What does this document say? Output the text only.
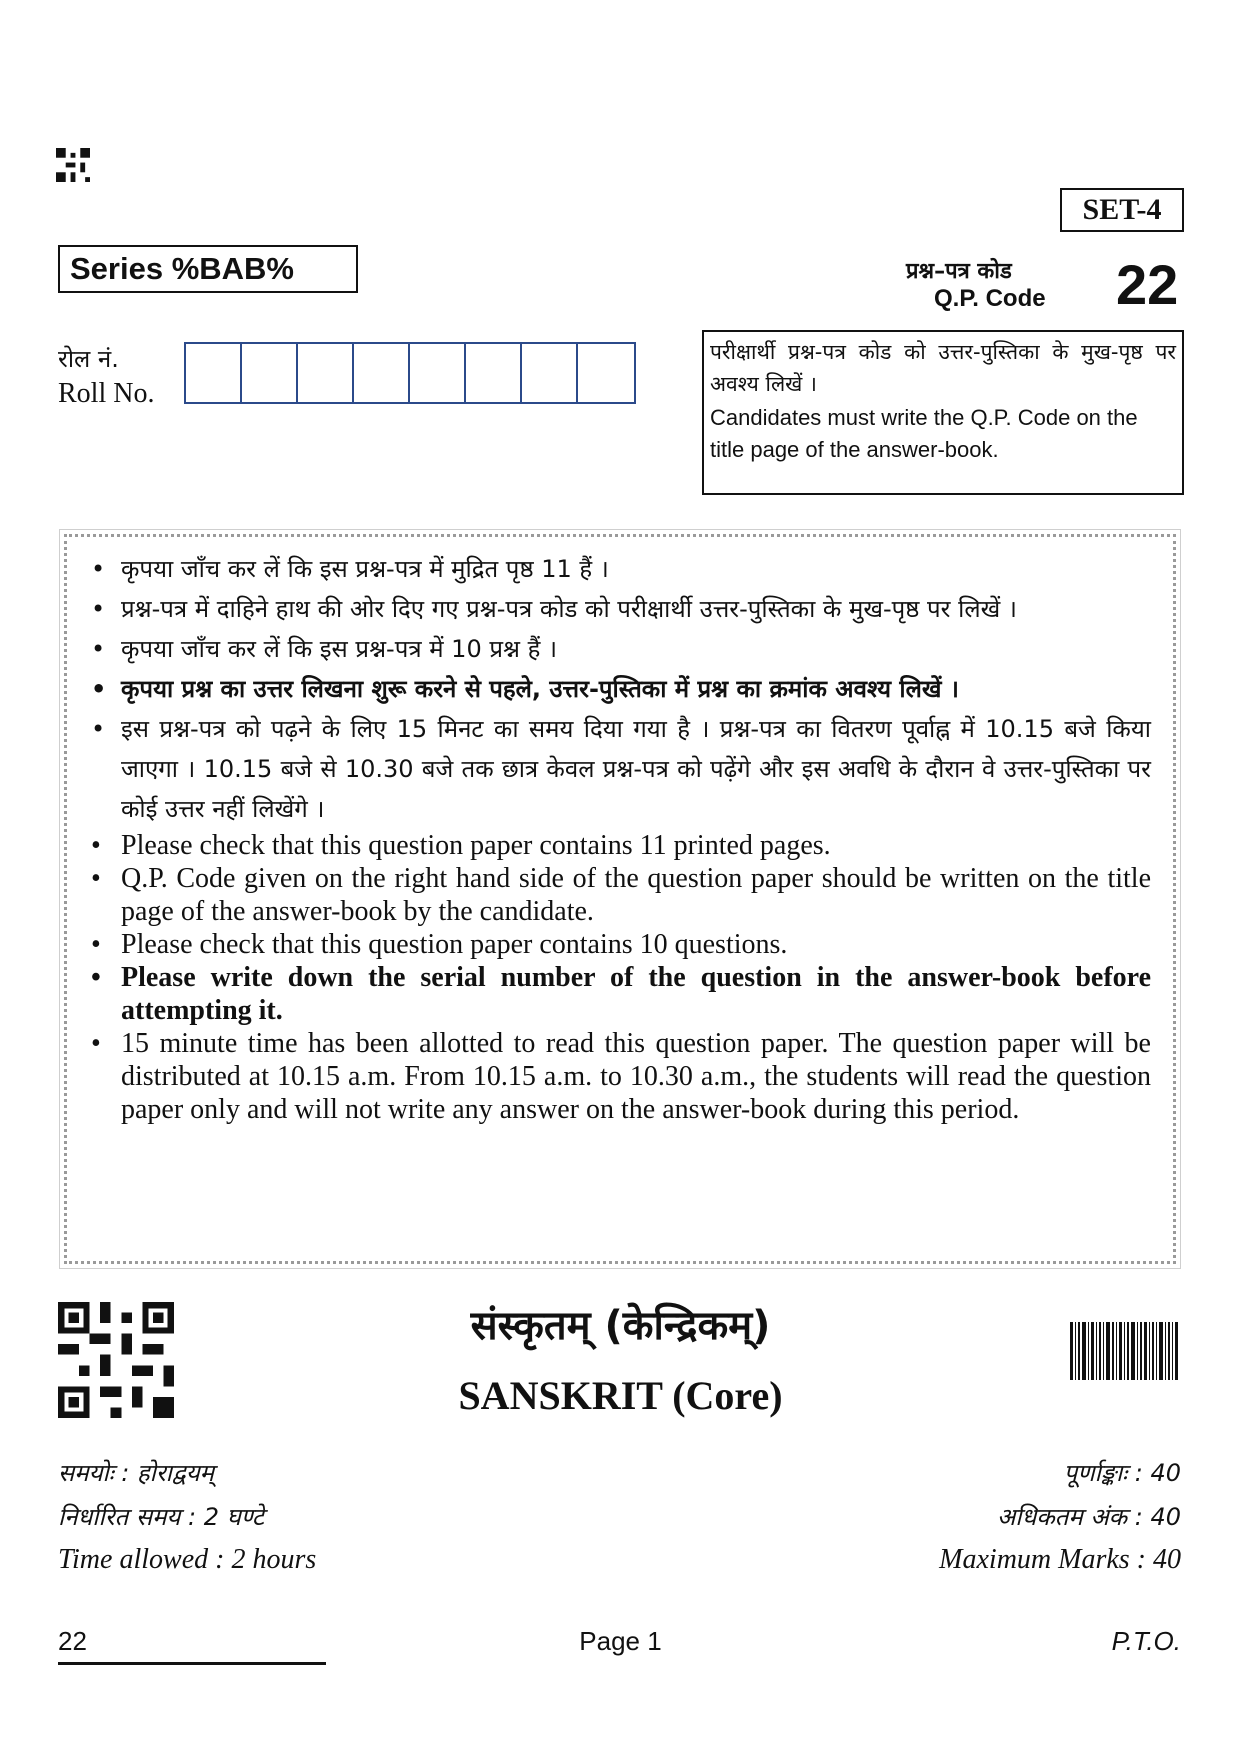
SET-4
Series %BAB%	प्रश्न–पत्र कोड
Q.P. Code 22
रोल नं.
Roll No.
परीक्षार्थी प्रश्न-पत्र कोड को उत्तर-पुस्तिका के मुख-पृष्ठ पर अवश्य लिखें ।
Candidates must write the Q.P. Code on the title page of the answer-book.
• कृपया जाँच कर लें कि इस प्रश्न-पत्र में मुद्रित पृष्ठ 11 हैं ।
• प्रश्न-पत्र में दाहिने हाथ की ओर दिए गए प्रश्न-पत्र कोड को परीक्षार्थी उत्तर-पुस्तिका के मुख-पृष्ठ पर लिखें ।
• कृपया जाँच कर लें कि इस प्रश्न-पत्र में 10 प्रश्न हैं ।
• कृपया प्रश्न का उत्तर लिखना शुरू करने से पहले, उत्तर-पुस्तिका में प्रश्न का क्रमांक अवश्य लिखें ।
• इस प्रश्न-पत्र को पढ़ने के लिए 15 मिनट का समय दिया गया है । प्रश्न-पत्र का वितरण पूर्वाह्न में 10.15 बजे किया जाएगा । 10.15 बजे से 10.30 बजे तक छात्र केवल प्रश्न-पत्र को पढ़ेंगे और इस अवधि के दौरान वे उत्तर-पुस्तिका पर कोई उत्तर नहीं लिखेंगे ।
• Please check that this question paper contains 11 printed pages.
• Q.P. Code given on the right hand side of the question paper should be written on the title page of the answer-book by the candidate.
• Please check that this question paper contains 10 questions.
• Please write down the serial number of the question in the answer-book before attempting it.
• 15 minute time has been allotted to read this question paper. The question paper will be distributed at 10.15 a.m. From 10.15 a.m. to 10.30 a.m., the students will read the question paper only and will not write any answer on the answer-book during this period.
संस्कृतम् (केन्द्रिकम्)
SANSKRIT (Core)
समयोः : होराद्वयम्
निर्धारित समय : 2 घण्टे
Time allowed : 2 hours
पूर्णाङ्काः : 40
अधिकतम अंक : 40
Maximum Marks : 40
22	Page 1	P.T.O.
